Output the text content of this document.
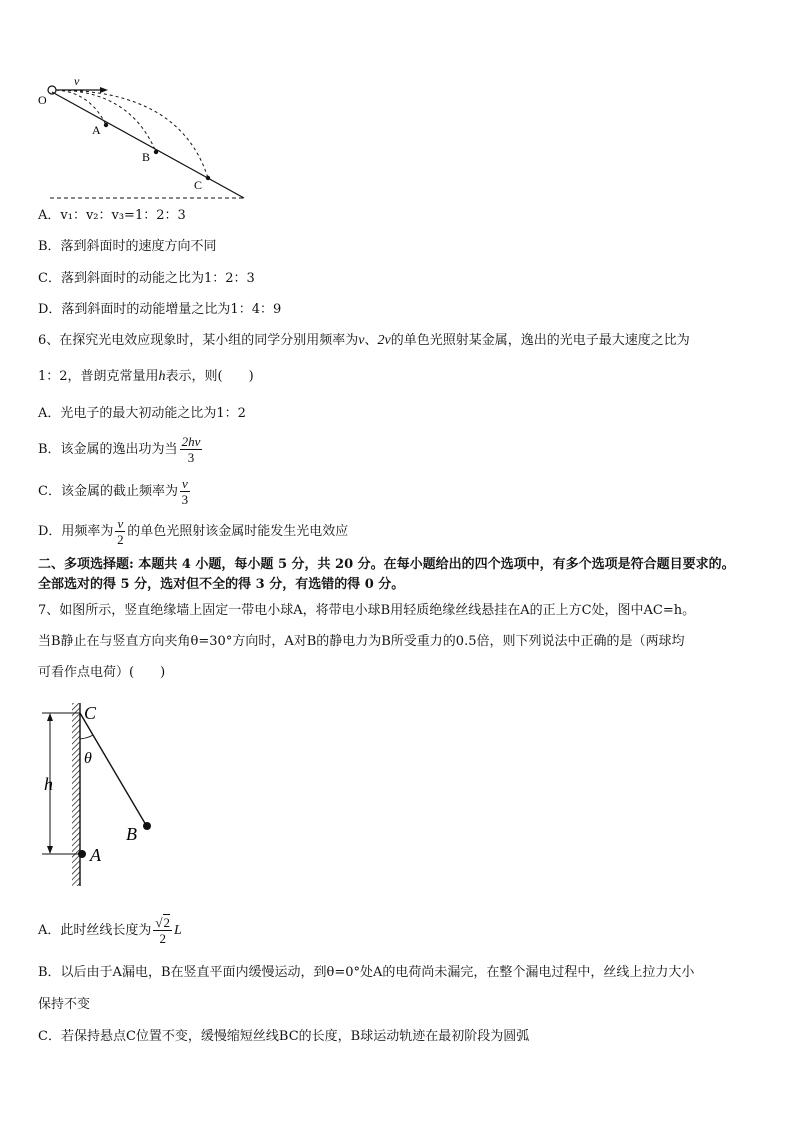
v
O
A
B
C
A．v₁：v₂：v₃=1：2：3
B．落到斜面时的速度方向不同
C．落到斜面时的动能之比为1：2：3
D．落到斜面时的动能增量之比为1：4：9
6、在探究光电效应现象时，某小组的同学分别用频率为ν、2ν的单色光照射某金属，逸出的光电子最大速度之比为
1：2，普朗克常量用h表示，则(　　)
A．光电子的最大初动能之比为1：2
B．该金属的逸出功为当 $\frac{2h\nu}{3}$
C．该金属的截止频率为 $\frac{\nu}{3}$
D．用频率为 $\frac{\nu}{2}$ 的单色光照射该金属时能发生光电效应
二、多项选择题: 本题共 4 小题，每小题 5 分，共 20 分。在每小题给出的四个选项中，有多个选项是符合题目要求的。
全部选对的得 5 分，选对但不全的得 3 分，有选错的得 0 分。
7、如图所示，竖直绝缘墙上固定一带电小球A，将带电小球B用轻质绝缘丝线悬挂在A的正上方C处，图中AC=h。
当B静止在与竖直方向夹角θ=30°方向时，A对B的静电力为B所受重力的0.5倍，则下列说法中正确的是（两球均
可看作点电荷）(　　)
h
C
θ
B
A
A．此时丝线长度为 $\frac{√2}{2}$ L
B．以后由于A漏电，B在竖直平面内缓慢运动，到θ=0°处A的电荷尚未漏完，在整个漏电过程中，丝线上拉力大小
保持不变
C．若保持悬点C位置不变，缓慢缩短丝线BC的长度，B球运动轨迹在最初阶段为圆弧
